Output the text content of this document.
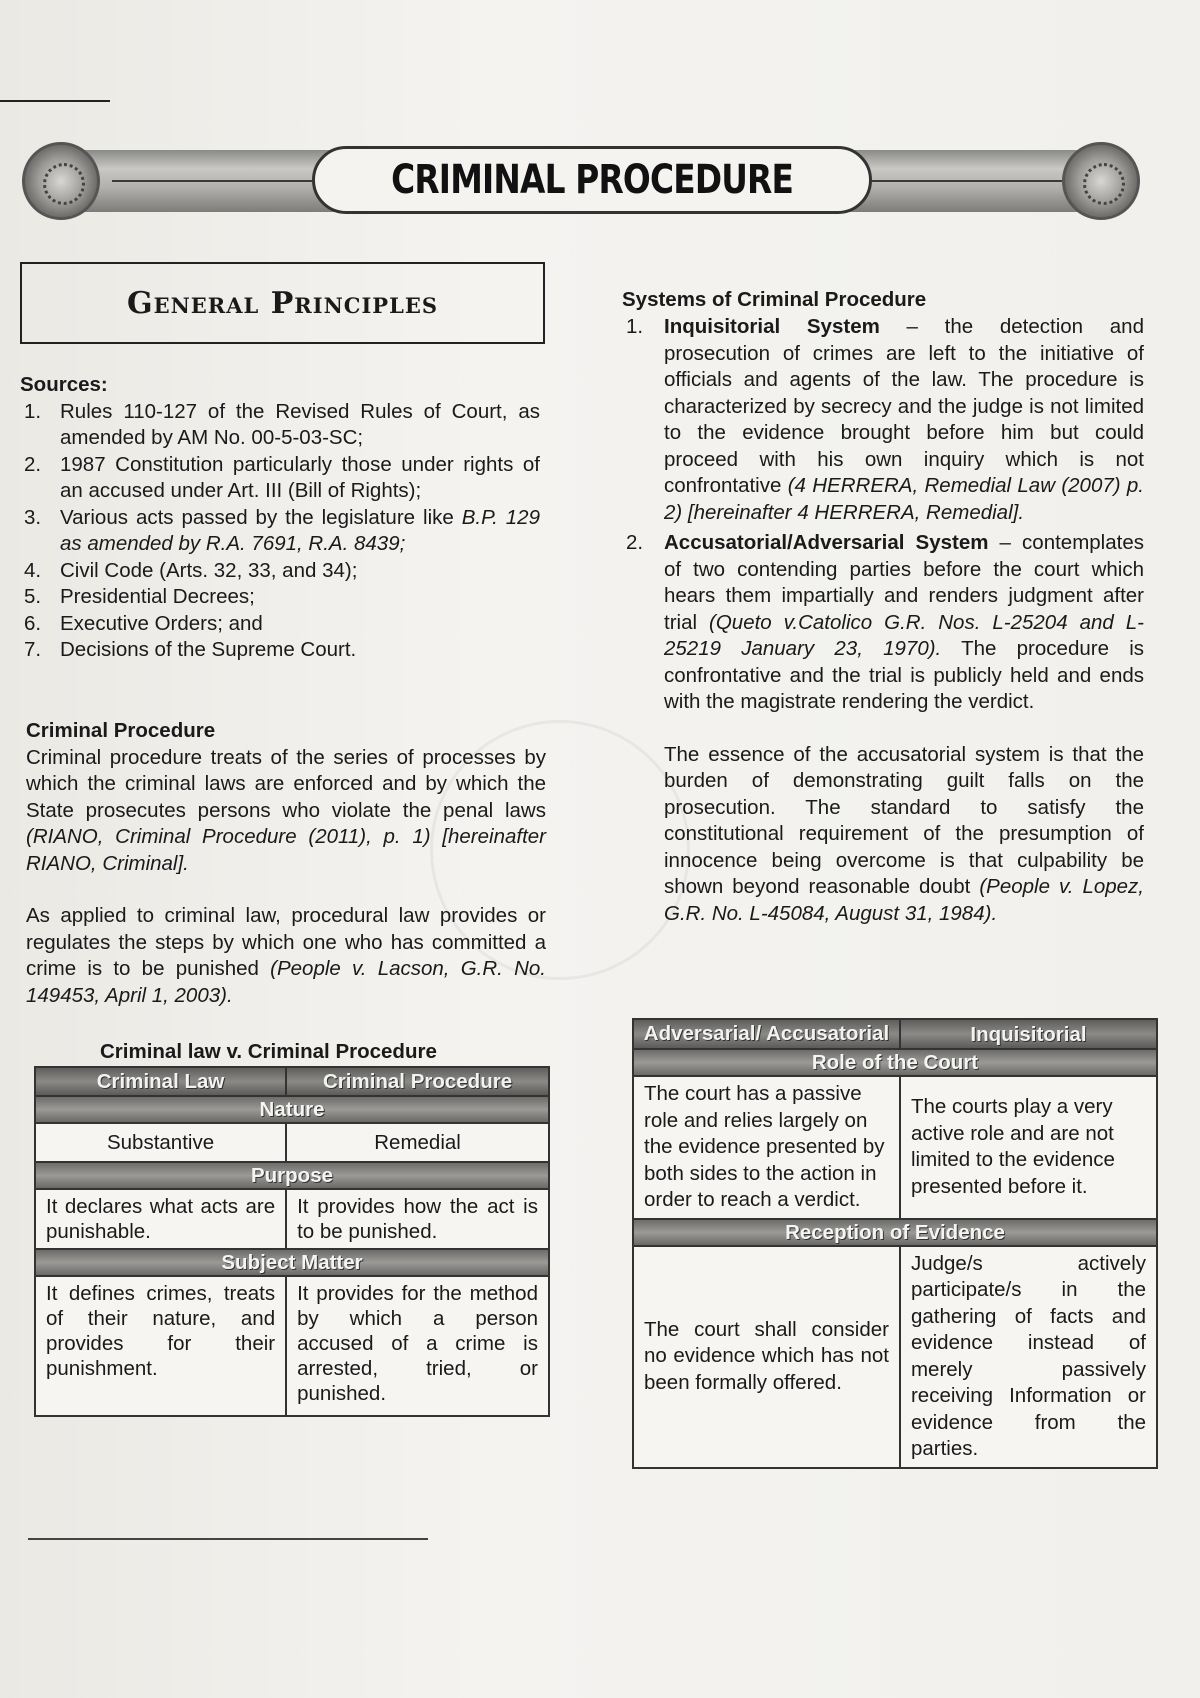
CRIMINAL PROCEDURE
General Principles
Sources:
1. Rules 110-127 of the Revised Rules of Court, as amended by AM No. 00-5-03-SC;
2. 1987 Constitution particularly those under rights of an accused under Art. III (Bill of Rights);
3. Various acts passed by the legislature like B.P. 129 as amended by R.A. 7691, R.A. 8439;
4. Civil Code (Arts. 32, 33, and 34);
5. Presidential Decrees;
6. Executive Orders; and
7. Decisions of the Supreme Court.
Criminal Procedure

Criminal procedure treats of the series of processes by which the criminal laws are enforced and by which the State prosecutes persons who violate the penal laws (RIANO, Criminal Procedure (2011), p. 1) [hereinafter RIANO, Criminal].

As applied to criminal law, procedural law provides or regulates the steps by which one who has committed a crime is to be punished (People v. Lacson, G.R. No. 149453, April 1, 2003).

Criminal law v. Criminal Procedure
Criminal Law	Criminal Procedure
Nature	
Substantive	Remedial
Purpose	
It declares what acts are punishable.	It provides how the act is to be punished.
Subject Matter	
It defines crimes, treats of their nature, and provides for their punishment.	It provides for the method by which a person accused of a crime is arrested, tried, or punished.
Systems of Criminal Procedure
1. Inquisitorial System – the detection and prosecution of crimes are left to the initiative of officials and agents of the law. The procedure is characterized by secrecy and the judge is not limited to the evidence brought before him but could proceed with his own inquiry which is not confrontative (4 HERRERA, Remedial Law (2007) p. 2) [hereinafter 4 HERRERA, Remedial].
2. Accusatorial/Adversarial System – contemplates of two contending parties before the court which hears them impartially and renders judgment after trial (Queto v.Catolico G.R. Nos. L-25204 and L-25219 January 23, 1970). The procedure is confrontative and the trial is publicly held and ends with the magistrate rendering the verdict.

The essence of the accusatorial system is that the burden of demonstrating guilt falls on the prosecution. The standard to satisfy the constitutional requirement of the presumption of innocence being overcome is that culpability be shown beyond reasonable doubt (People v. Lopez, G.R. No. L-45084, August 31, 1984).

Adversarial/ Accusatorial	Inquisitorial
Role of the Court	
The court has a passive role and relies largely on the evidence presented by both sides to the action in order to reach a verdict.	The courts play a very active role and are not limited to the evidence presented before it.
Reception of Evidence	
The court shall consider no evidence which has not been formally offered.	Judge/s actively participate/s in the gathering of facts and evidence instead of merely passively receiving Information or evidence from the parties.
